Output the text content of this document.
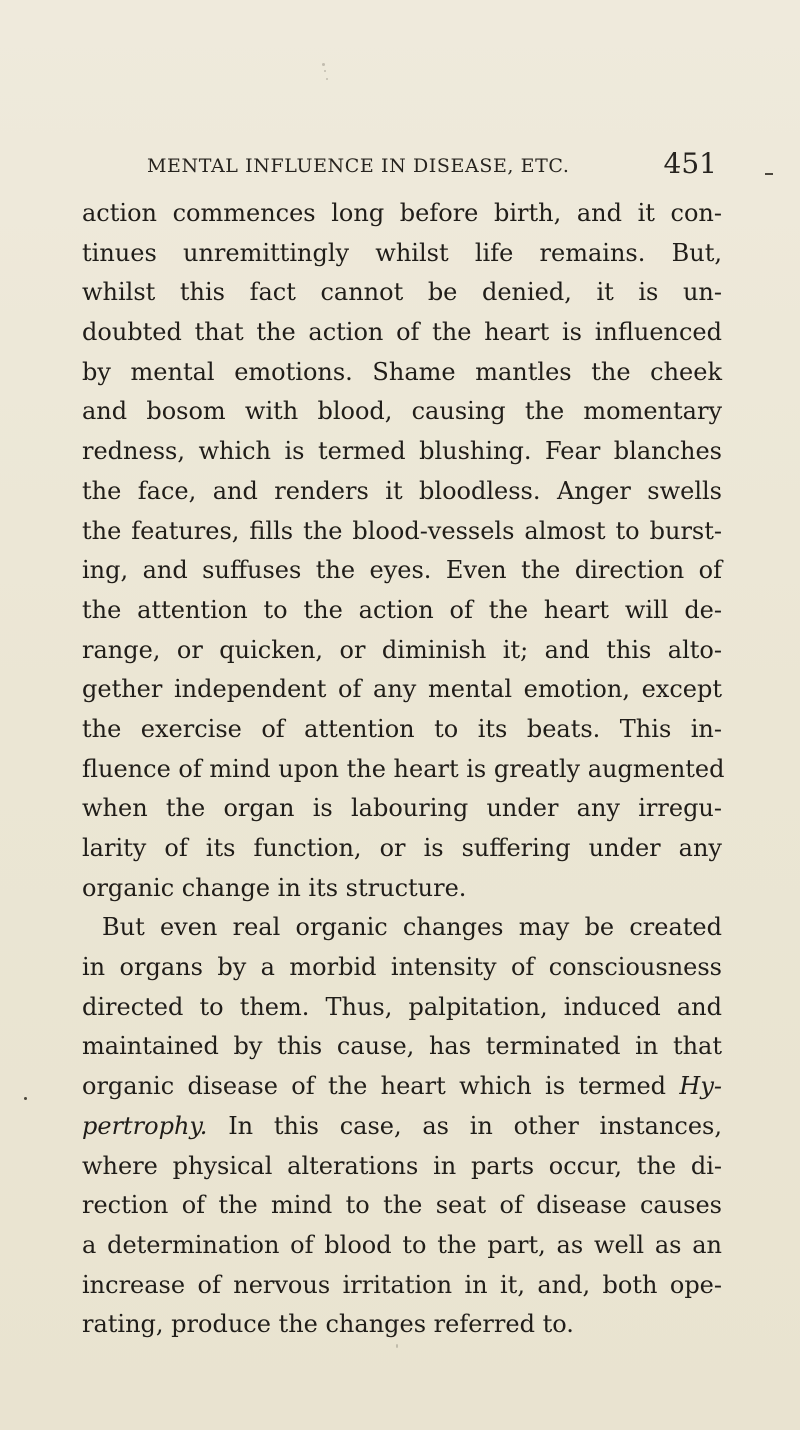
MENTAL INFLUENCE IN DISEASE, ETC.	451
action commences long before birth, and it con-
tinues unremittingly whilst life remains. But,
whilst this fact cannot be denied, it is un-
doubted that the action of the heart is influenced
by mental emotions. Shame mantles the cheek
and bosom with blood, causing the momentary
redness, which is termed blushing. Fear blanches
the face, and renders it bloodless. Anger swells
the features, fills the blood-vessels almost to burst-
ing, and suffuses the eyes. Even the direction of
the attention to the action of the heart will de-
range, or quicken, or diminish it; and this alto-
gether independent of any mental emotion, except
the exercise of attention to its beats. This in-
fluence of mind upon the heart is greatly augmented
when the organ is labouring under any irregu-
larity of its function, or is suffering under any
organic change in its structure.
But even real organic changes may be created
in organs by a morbid intensity of consciousness
directed to them. Thus, palpitation, induced and
maintained by this cause, has terminated in that
organic disease of the heart which is termed Hy-
pertrophy. In this case, as in other instances,
where physical alterations in parts occur, the di-
rection of the mind to the seat of disease causes
a determination of blood to the part, as well as an
increase of nervous irritation in it, and, both ope-
rating, produce the changes referred to.
